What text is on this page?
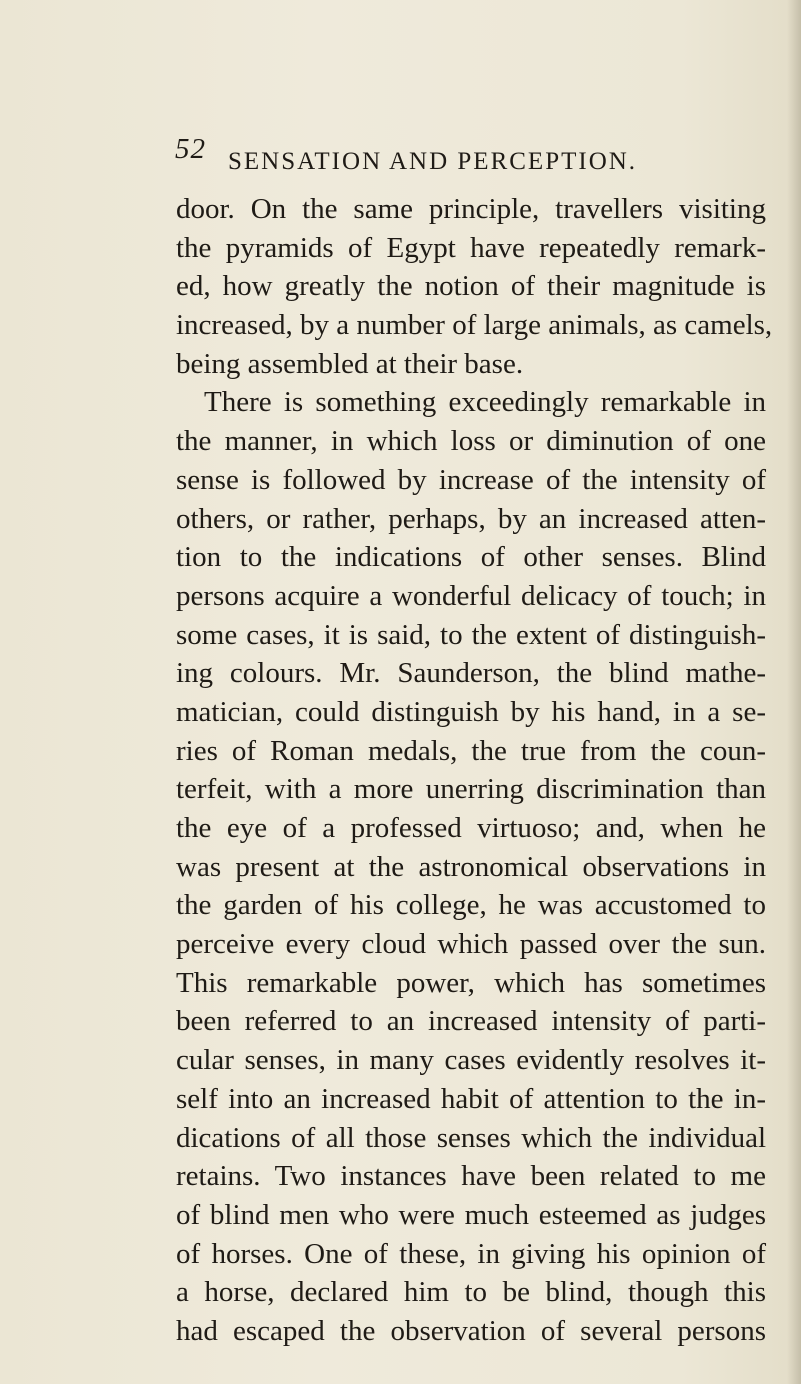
52 SENSATION AND PERCEPTION.
door. On the same principle, travellers visiting
the pyramids of Egypt have repeatedly remark-
ed, how greatly the notion of their magnitude is
increased, by a number of large animals, as camels,
being assembled at their base.
There is something exceedingly remarkable in
the manner, in which loss or diminution of one
sense is followed by increase of the intensity of
others, or rather, perhaps, by an increased atten-
tion to the indications of other senses. Blind
persons acquire a wonderful delicacy of touch; in
some cases, it is said, to the extent of distinguish-
ing colours. Mr. Saunderson, the blind mathe-
matician, could distinguish by his hand, in a se-
ries of Roman medals, the true from the coun-
terfeit, with a more unerring discrimination than
the eye of a professed virtuoso; and, when he
was present at the astronomical observations in
the garden of his college, he was accustomed to
perceive every cloud which passed over the sun.
This remarkable power, which has sometimes
been referred to an increased intensity of parti-
cular senses, in many cases evidently resolves it-
self into an increased habit of attention to the in-
dications of all those senses which the individual
retains. Two instances have been related to me
of blind men who were much esteemed as judges
of horses. One of these, in giving his opinion of
a horse, declared him to be blind, though this
had escaped the observation of several persons
